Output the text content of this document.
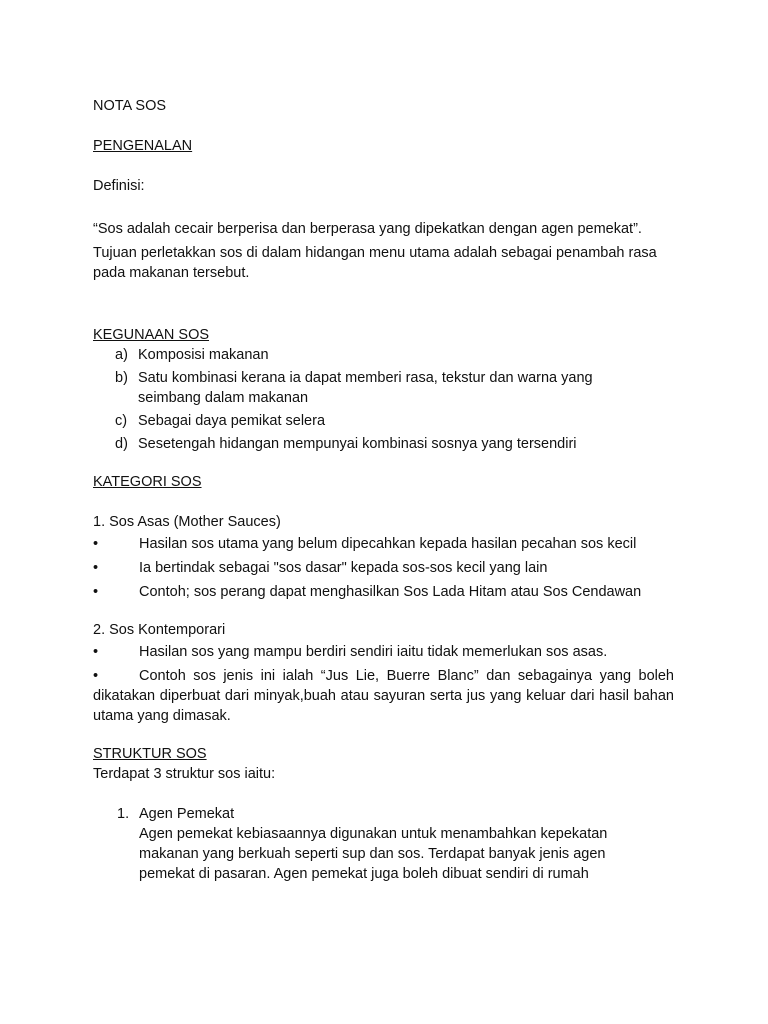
NOTA SOS

PENGENALAN

Definisi:

“Sos adalah cecair berperisa dan berperasa yang dipekatkan dengan agen pemekat”.

Tujuan perletakkan sos di dalam hidangan menu utama adalah sebagai penambah rasa pada makanan tersebut.

KEGUNAAN SOS

a) Komposisi makanan
b) Satu kombinasi kerana ia dapat memberi rasa, tekstur dan warna yang seimbang dalam makanan
c) Sebagai daya pemikat selera
d) Sesetengah hidangan mempunyai kombinasi sosnya yang tersendiri

KATEGORI SOS

1. Sos Asas (Mother Sauces)

•	Hasilan sos utama yang belum dipecahkan kepada hasilan pecahan sos kecil

•	Ia bertindak sebagai "sos dasar" kepada sos-sos kecil yang lain

•	Contoh; sos perang dapat menghasilkan Sos Lada Hitam atau Sos Cendawan

2. Sos Kontemporari

•	Hasilan sos yang mampu berdiri sendiri iaitu tidak memerlukan sos asas.

•	Contoh sos jenis ini ialah “Jus Lie, Buerre Blanc” dan sebagainya yang boleh dikatakan diperbuat dari minyak,buah atau sayuran serta jus yang keluar dari hasil bahan utama yang dimasak.

STRUKTUR SOS

Terdapat 3 struktur sos iaitu:

1. Agen Pemekat
Agen pemekat kebiasaannya digunakan untuk menambahkan kepekatan makanan yang berkuah seperti sup dan sos. Terdapat banyak jenis agen pemekat di pasaran. Agen pemekat juga boleh dibuat sendiri di rumah
